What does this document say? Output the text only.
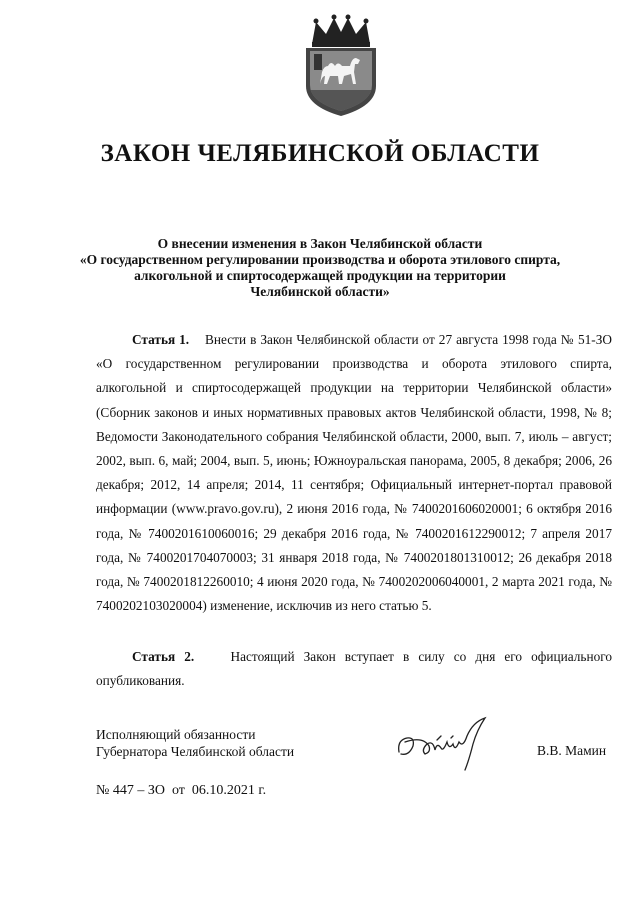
ЗАКОН ЧЕЛЯБИНСКОЙ ОБЛАСТИ
О внесении изменения в Закон Челябинской области
«О государственном регулировании производства и оборота этилового спирта,
алкогольной и спиртосодержащей продукции на территории
Челябинской области»
Статья 1. Внести в Закон Челябинской области от 27 августа 1998 года № 51-ЗО «О государственном регулировании производства и оборота этилового спирта, алкогольной и спиртосодержащей продукции на территории Челябинской области» (Сборник законов и иных нормативных правовых актов Челябинской области, 1998, № 8; Ведомости Законодательного собрания Челябинской области, 2000, вып. 7, июль – август; 2002, вып. 6, май; 2004, вып. 5, июнь; Южноуральская панорама, 2005, 8 декабря; 2006, 26 декабря; 2012, 14 апреля; 2014, 11 сентября; Официальный интернет-портал правовой информации (www.pravo.gov.ru), 2 июня 2016 года, № 7400201606020001; 6 октября 2016 года, № 7400201610060016; 29 декабря 2016 года, № 7400201612290012; 7 апреля 2017 года, № 7400201704070003; 31 января 2018 года, № 7400201801310012; 26 декабря 2018 года, № 7400201812260010; 4 июня 2020 года, № 7400202006040001, 2 марта 2021 года, № 7400202103020004) изменение, исключив из него статью 5.
Статья 2.	Настоящий Закон вступает в силу со дня его официального опубликования.
Исполняющий обязанности
Губернатора Челябинской области	В.В. Мамин
№ 447 – ЗО  от  06.10.2021 г.
